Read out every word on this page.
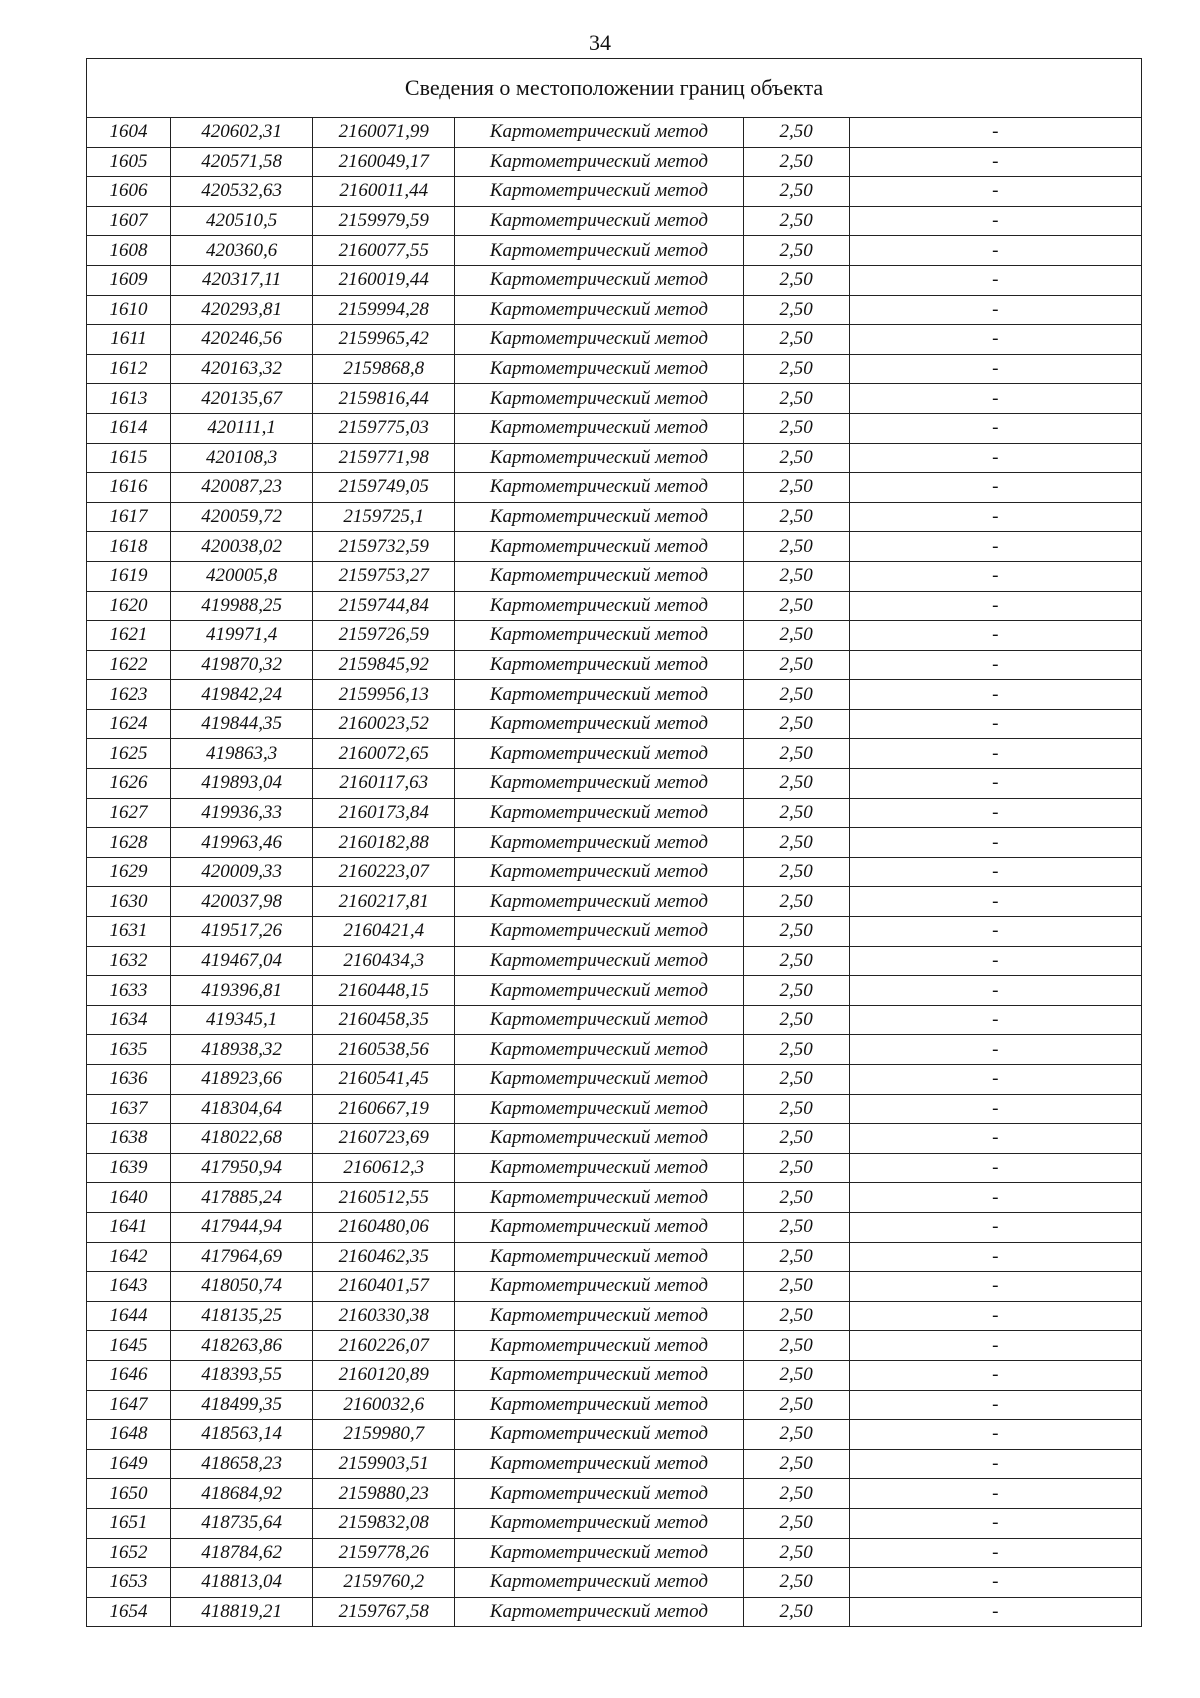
34
Сведения о местоположении границ объекта					
1604	420602,31	2160071,99	Картометрический метод	2,50	-
1605	420571,58	2160049,17	Картометрический метод	2,50	-
1606	420532,63	2160011,44	Картометрический метод	2,50	-
1607	420510,5	2159979,59	Картометрический метод	2,50	-
1608	420360,6	2160077,55	Картометрический метод	2,50	-
1609	420317,11	2160019,44	Картометрический метод	2,50	-
1610	420293,81	2159994,28	Картометрический метод	2,50	-
1611	420246,56	2159965,42	Картометрический метод	2,50	-
1612	420163,32	2159868,8	Картометрический метод	2,50	-
1613	420135,67	2159816,44	Картометрический метод	2,50	-
1614	420111,1	2159775,03	Картометрический метод	2,50	-
1615	420108,3	2159771,98	Картометрический метод	2,50	-
1616	420087,23	2159749,05	Картометрический метод	2,50	-
1617	420059,72	2159725,1	Картометрический метод	2,50	-
1618	420038,02	2159732,59	Картометрический метод	2,50	-
1619	420005,8	2159753,27	Картометрический метод	2,50	-
1620	419988,25	2159744,84	Картометрический метод	2,50	-
1621	419971,4	2159726,59	Картометрический метод	2,50	-
1622	419870,32	2159845,92	Картометрический метод	2,50	-
1623	419842,24	2159956,13	Картометрический метод	2,50	-
1624	419844,35	2160023,52	Картометрический метод	2,50	-
1625	419863,3	2160072,65	Картометрический метод	2,50	-
1626	419893,04	2160117,63	Картометрический метод	2,50	-
1627	419936,33	2160173,84	Картометрический метод	2,50	-
1628	419963,46	2160182,88	Картометрический метод	2,50	-
1629	420009,33	2160223,07	Картометрический метод	2,50	-
1630	420037,98	2160217,81	Картометрический метод	2,50	-
1631	419517,26	2160421,4	Картометрический метод	2,50	-
1632	419467,04	2160434,3	Картометрический метод	2,50	-
1633	419396,81	2160448,15	Картометрический метод	2,50	-
1634	419345,1	2160458,35	Картометрический метод	2,50	-
1635	418938,32	2160538,56	Картометрический метод	2,50	-
1636	418923,66	2160541,45	Картометрический метод	2,50	-
1637	418304,64	2160667,19	Картометрический метод	2,50	-
1638	418022,68	2160723,69	Картометрический метод	2,50	-
1639	417950,94	2160612,3	Картометрический метод	2,50	-
1640	417885,24	2160512,55	Картометрический метод	2,50	-
1641	417944,94	2160480,06	Картометрический метод	2,50	-
1642	417964,69	2160462,35	Картометрический метод	2,50	-
1643	418050,74	2160401,57	Картометрический метод	2,50	-
1644	418135,25	2160330,38	Картометрический метод	2,50	-
1645	418263,86	2160226,07	Картометрический метод	2,50	-
1646	418393,55	2160120,89	Картометрический метод	2,50	-
1647	418499,35	2160032,6	Картометрический метод	2,50	-
1648	418563,14	2159980,7	Картометрический метод	2,50	-
1649	418658,23	2159903,51	Картометрический метод	2,50	-
1650	418684,92	2159880,23	Картометрический метод	2,50	-
1651	418735,64	2159832,08	Картометрический метод	2,50	-
1652	418784,62	2159778,26	Картометрический метод	2,50	-
1653	418813,04	2159760,2	Картометрический метод	2,50	-
1654	418819,21	2159767,58	Картометрический метод	2,50	-
